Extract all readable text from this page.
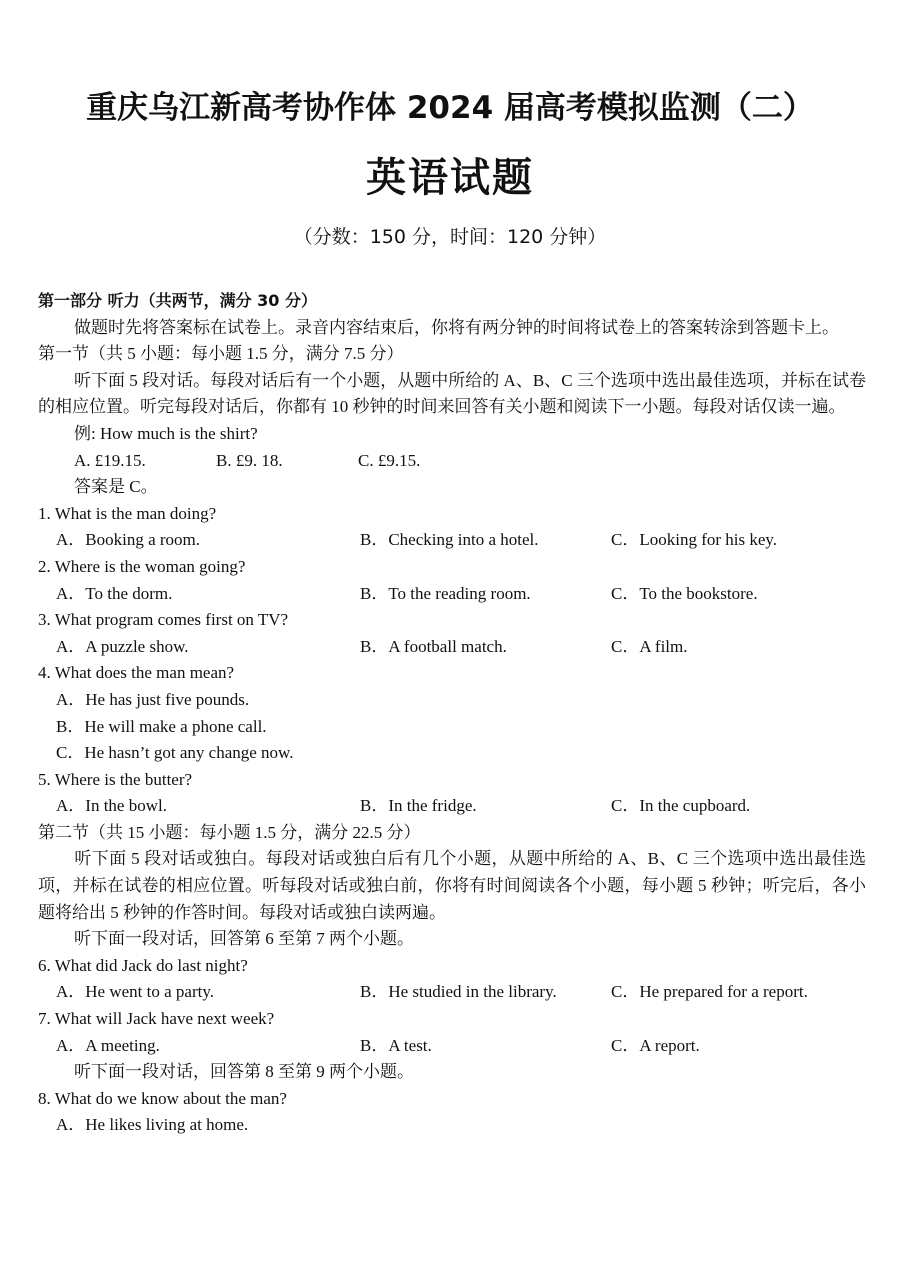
重庆乌江新高考协作体 2024 届高考模拟监测（二）
英语试题
（分数：150 分，时间：120 分钟）
第一部分 听力（共两节，满分 30 分）
做题时先将答案标在试卷上。录音内容结束后，你将有两分钟的时间将试卷上的答案转涂到答题卡上。
第一节（共 5 小题：每小题 1.5 分，满分 7.5 分）
听下面 5 段对话。每段对话后有一个小题，从题中所给的 A、B、C 三个选项中选出最佳选项，并标在试卷的相应位置。听完每段对话后，你都有 10 秒钟的时间来回答有关小题和阅读下一小题。每段对话仅读一遍。
例: How much is the shirt?
A. £19.15.	B. £9. 18.	C. £9.15.
答案是 C。
1. What is the man doing?
A．Booking a room.	B．Checking into a hotel.	C．Looking for his key.
2. Where is the woman going?
A．To the dorm.	B．To the reading room.	C．To the bookstore.
3. What program comes first on TV?
A．A puzzle show.	B．A football match.	C．A film.
4. What does the man mean?
A．He has just five pounds.
B．He will make a phone call.
C．He hasn’t got any change now.
5. Where is the butter?
A．In the bowl.	B．In the fridge.	C．In the cupboard.
第二节（共 15 小题：每小题 1.5 分，满分 22.5 分）
听下面 5 段对话或独白。每段对话或独白后有几个小题，从题中所给的 A、B、C 三个选项中选出最佳选项，并标在试卷的相应位置。听每段对话或独白前，你将有时间阅读各个小题，每小题 5 秒钟；听完后，各小题将给出 5 秒钟的作答时间。每段对话或独白读两遍。
听下面一段对话，回答第 6 至第 7 两个小题。
6. What did Jack do last night?
A．He went to a party.	B．He studied in the library.	C．He prepared for a report.
7. What will Jack have next week?
A．A meeting.	B．A test.	C．A report.
听下面一段对话，回答第 8 至第 9 两个小题。
8. What do we know about the man?
A．He likes living at home.
